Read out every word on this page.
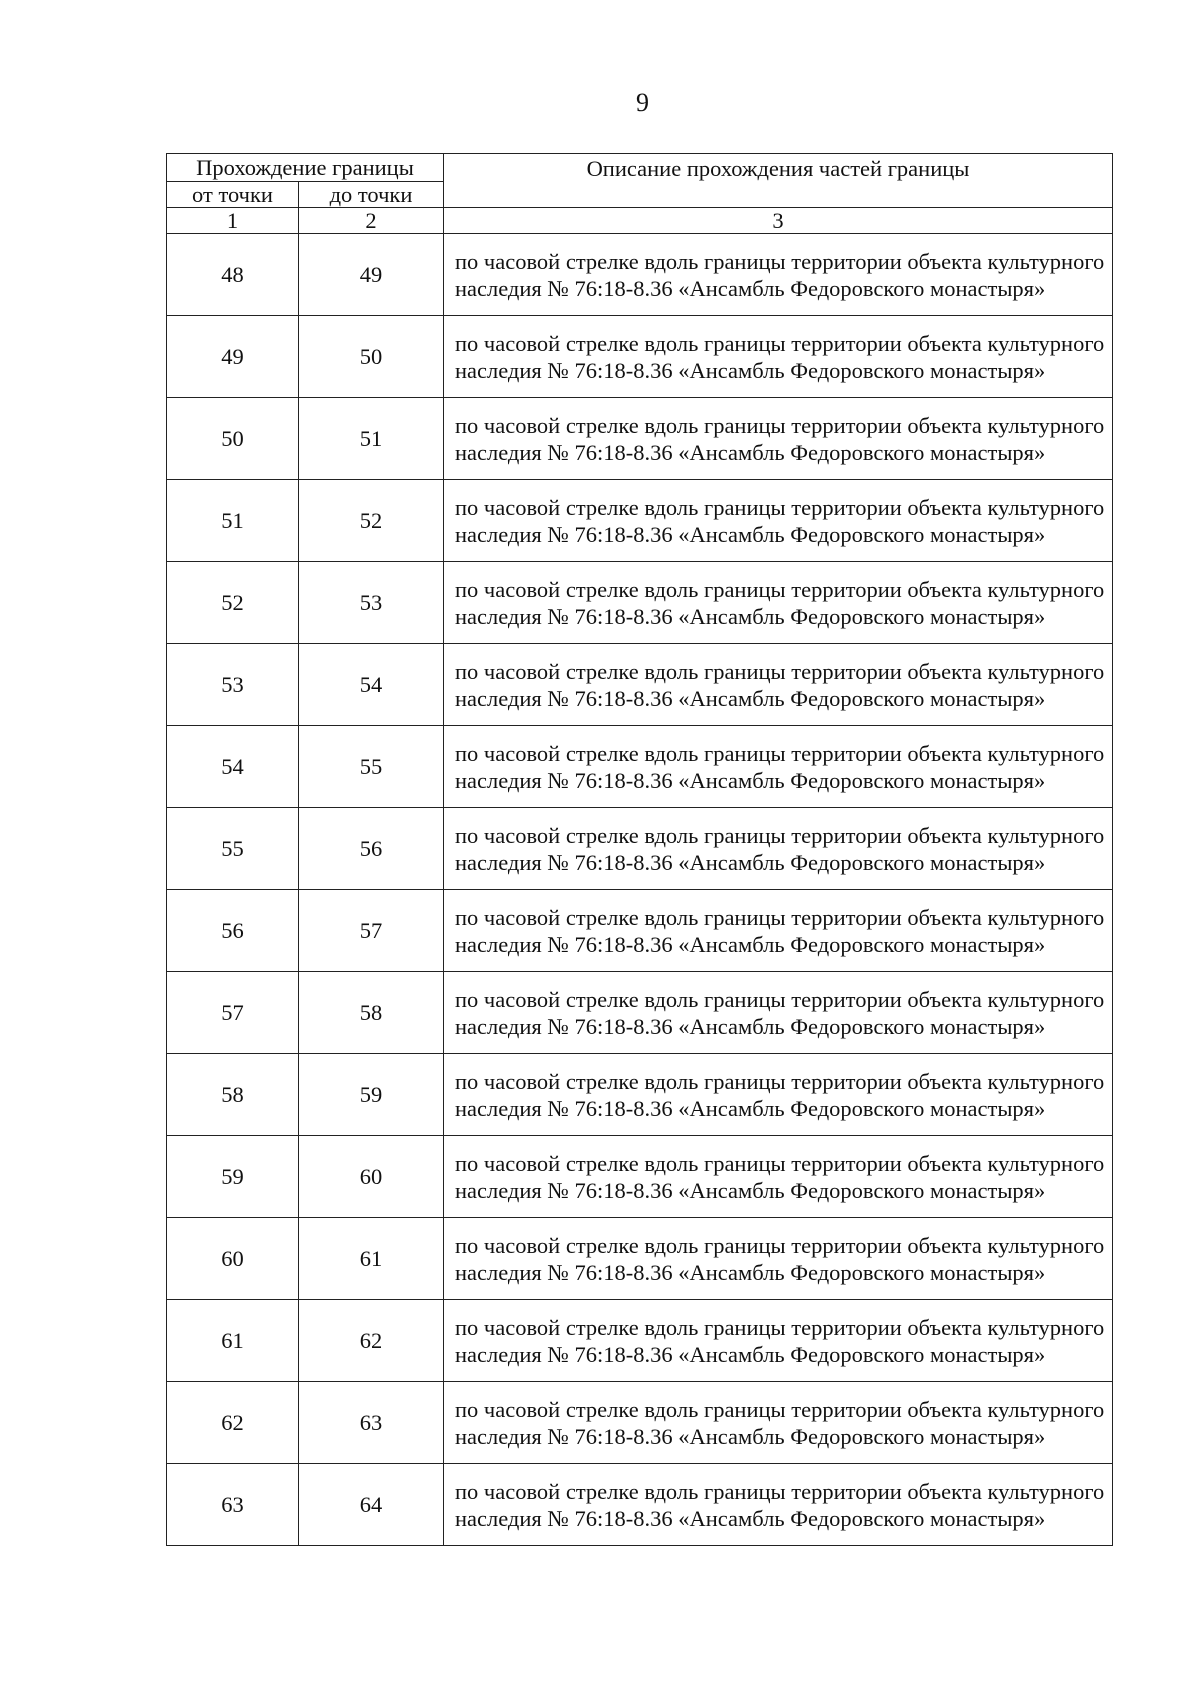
9
Прохождение границы		Описание прохождения частей границы
от точки	до точки	
1	2	3
48	49	по часовой стрелке вдоль границы территории объекта культурного наследия № 76:18-8.36 «Ансамбль Федоровского монастыря»
49	50	по часовой стрелке вдоль границы территории объекта культурного наследия № 76:18-8.36 «Ансамбль Федоровского монастыря»
50	51	по часовой стрелке вдоль границы территории объекта культурного наследия № 76:18-8.36 «Ансамбль Федоровского монастыря»
51	52	по часовой стрелке вдоль границы территории объекта культурного наследия № 76:18-8.36 «Ансамбль Федоровского монастыря»
52	53	по часовой стрелке вдоль границы территории объекта культурного наследия № 76:18-8.36 «Ансамбль Федоровского монастыря»
53	54	по часовой стрелке вдоль границы территории объекта культурного наследия № 76:18-8.36 «Ансамбль Федоровского монастыря»
54	55	по часовой стрелке вдоль границы территории объекта культурного наследия № 76:18-8.36 «Ансамбль Федоровского монастыря»
55	56	по часовой стрелке вдоль границы территории объекта культурного наследия № 76:18-8.36 «Ансамбль Федоровского монастыря»
56	57	по часовой стрелке вдоль границы территории объекта культурного наследия № 76:18-8.36 «Ансамбль Федоровского монастыря»
57	58	по часовой стрелке вдоль границы территории объекта культурного наследия № 76:18-8.36 «Ансамбль Федоровского монастыря»
58	59	по часовой стрелке вдоль границы территории объекта культурного наследия № 76:18-8.36 «Ансамбль Федоровского монастыря»
59	60	по часовой стрелке вдоль границы территории объекта культурного наследия № 76:18-8.36 «Ансамбль Федоровского монастыря»
60	61	по часовой стрелке вдоль границы территории объекта культурного наследия № 76:18-8.36 «Ансамбль Федоровского монастыря»
61	62	по часовой стрелке вдоль границы территории объекта культурного наследия № 76:18-8.36 «Ансамбль Федоровского монастыря»
62	63	по часовой стрелке вдоль границы территории объекта культурного наследия № 76:18-8.36 «Ансамбль Федоровского монастыря»
63	64	по часовой стрелке вдоль границы территории объекта культурного наследия № 76:18-8.36 «Ансамбль Федоровского монастыря»
